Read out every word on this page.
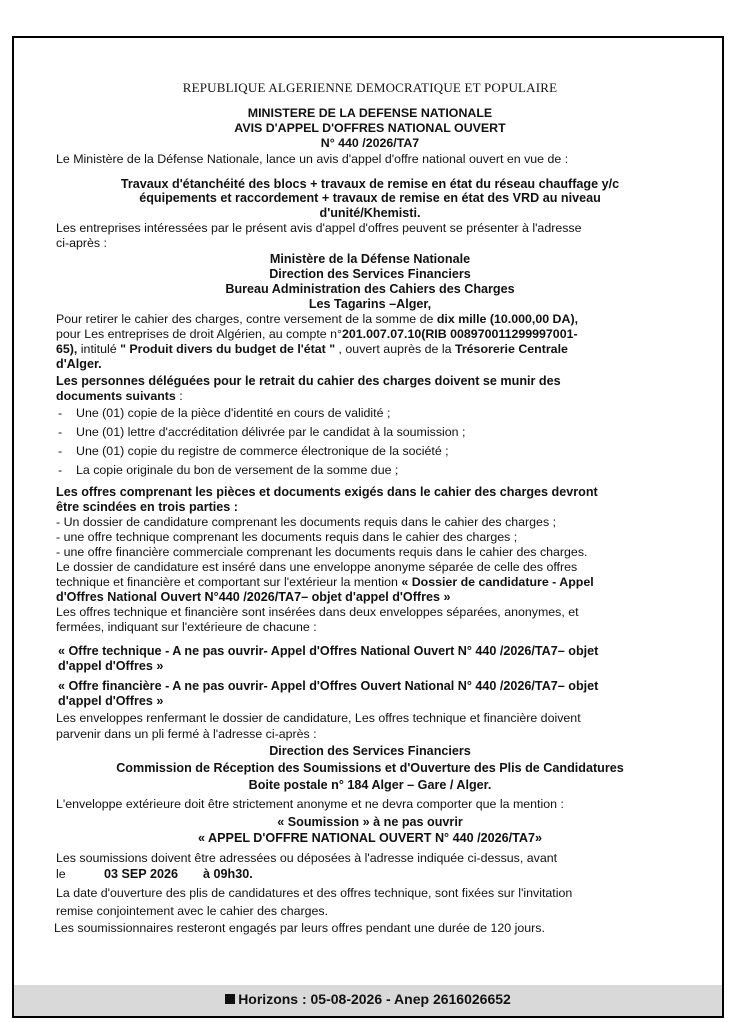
REPUBLIQUE ALGERIENNE DEMOCRATIQUE ET POPULAIRE
MINISTERE DE LA DEFENSE NATIONALE
AVIS D'APPEL D'OFFRES NATIONAL OUVERT
N° 440 /2026/TA7
Le Ministère de la Défense Nationale, lance un avis d'appel d'offre national ouvert en vue de :
Travaux d'étanchéité des blocs + travaux de remise en état du réseau chauffage y/c
équipements et raccordement + travaux de remise en état des VRD au niveau
d'unité/Khemisti.
Les entreprises intéressées par le présent avis d'appel d'offres peuvent se présenter à l'adresse
ci-après :
Ministère de la Défense Nationale
Direction des Services Financiers
Bureau Administration des Cahiers des Charges
Les Tagarins –Alger,
Pour retirer le cahier des charges, contre versement de la somme de dix mille (10.000,00 DA),
pour Les entreprises de droit Algérien, au compte n°201.007.07.10(RIB 008970011299997001-
65), intitulé " Produit divers du budget de l'état " , ouvert auprès de la Trésorerie Centrale
d'Alger.
Les personnes déléguées pour le retrait du cahier des charges doivent se munir des
documents suivants :
- Une (01) copie de la pièce d'identité en cours de validité ;
- Une (01) lettre d'accréditation délivrée par le candidat à la soumission ;
- Une (01) copie du registre de commerce électronique de la société ;
- La copie originale du bon de versement de la somme due ;
Les offres comprenant les pièces et documents exigés dans le cahier des charges devront
être scindées en trois parties :
- Un dossier de candidature comprenant les documents requis dans le cahier des charges ;
- une offre technique comprenant les documents requis dans le cahier des charges ;
- une offre financière commerciale comprenant les documents requis dans le cahier des charges.
Le dossier de candidature est inséré dans une enveloppe anonyme séparée de celle des offres
technique et financière et comportant sur l'extérieur la mention « Dossier de candidature - Appel
d'Offres National Ouvert N°440 /2026/TA7– objet d'appel d'Offres »
Les offres technique et financière sont insérées dans deux enveloppes séparées, anonymes, et
fermées, indiquant sur l'extérieure de chacune :
« Offre technique - A ne pas ouvrir- Appel d'Offres National Ouvert N° 440 /2026/TA7– objet
d'appel d'Offres »
« Offre financière - A ne pas ouvrir- Appel d'Offres Ouvert National N° 440 /2026/TA7– objet
d'appel d'Offres »
Les enveloppes renfermant le dossier de candidature, Les offres technique et financière doivent
parvenir dans un pli fermé à l'adresse ci-après :
Direction des Services Financiers
Commission de Réception des Soumissions et d'Ouverture des Plis de Candidatures
Boite postale n° 184 Alger – Gare / Alger.
L'enveloppe extérieure doit être strictement anonyme et ne devra comporter que la mention :
« Soumission » à ne pas ouvrir
« APPEL D'OFFRE NATIONAL OUVERT N° 440 /2026/TA7»
Les soumissions doivent être adressées ou déposées à l'adresse indiquée ci-dessus, avant
le	03 SEP 2026 à 09h30.
La date d'ouverture des plis de candidatures et des offres technique, sont fixées sur l'invitation
remise conjointement avec le cahier des charges.
Les soumissionnaires resteront engagés par leurs offres pendant une durée de 120 jours.
Horizons : 05-08-2026 - Anep 2616026652
